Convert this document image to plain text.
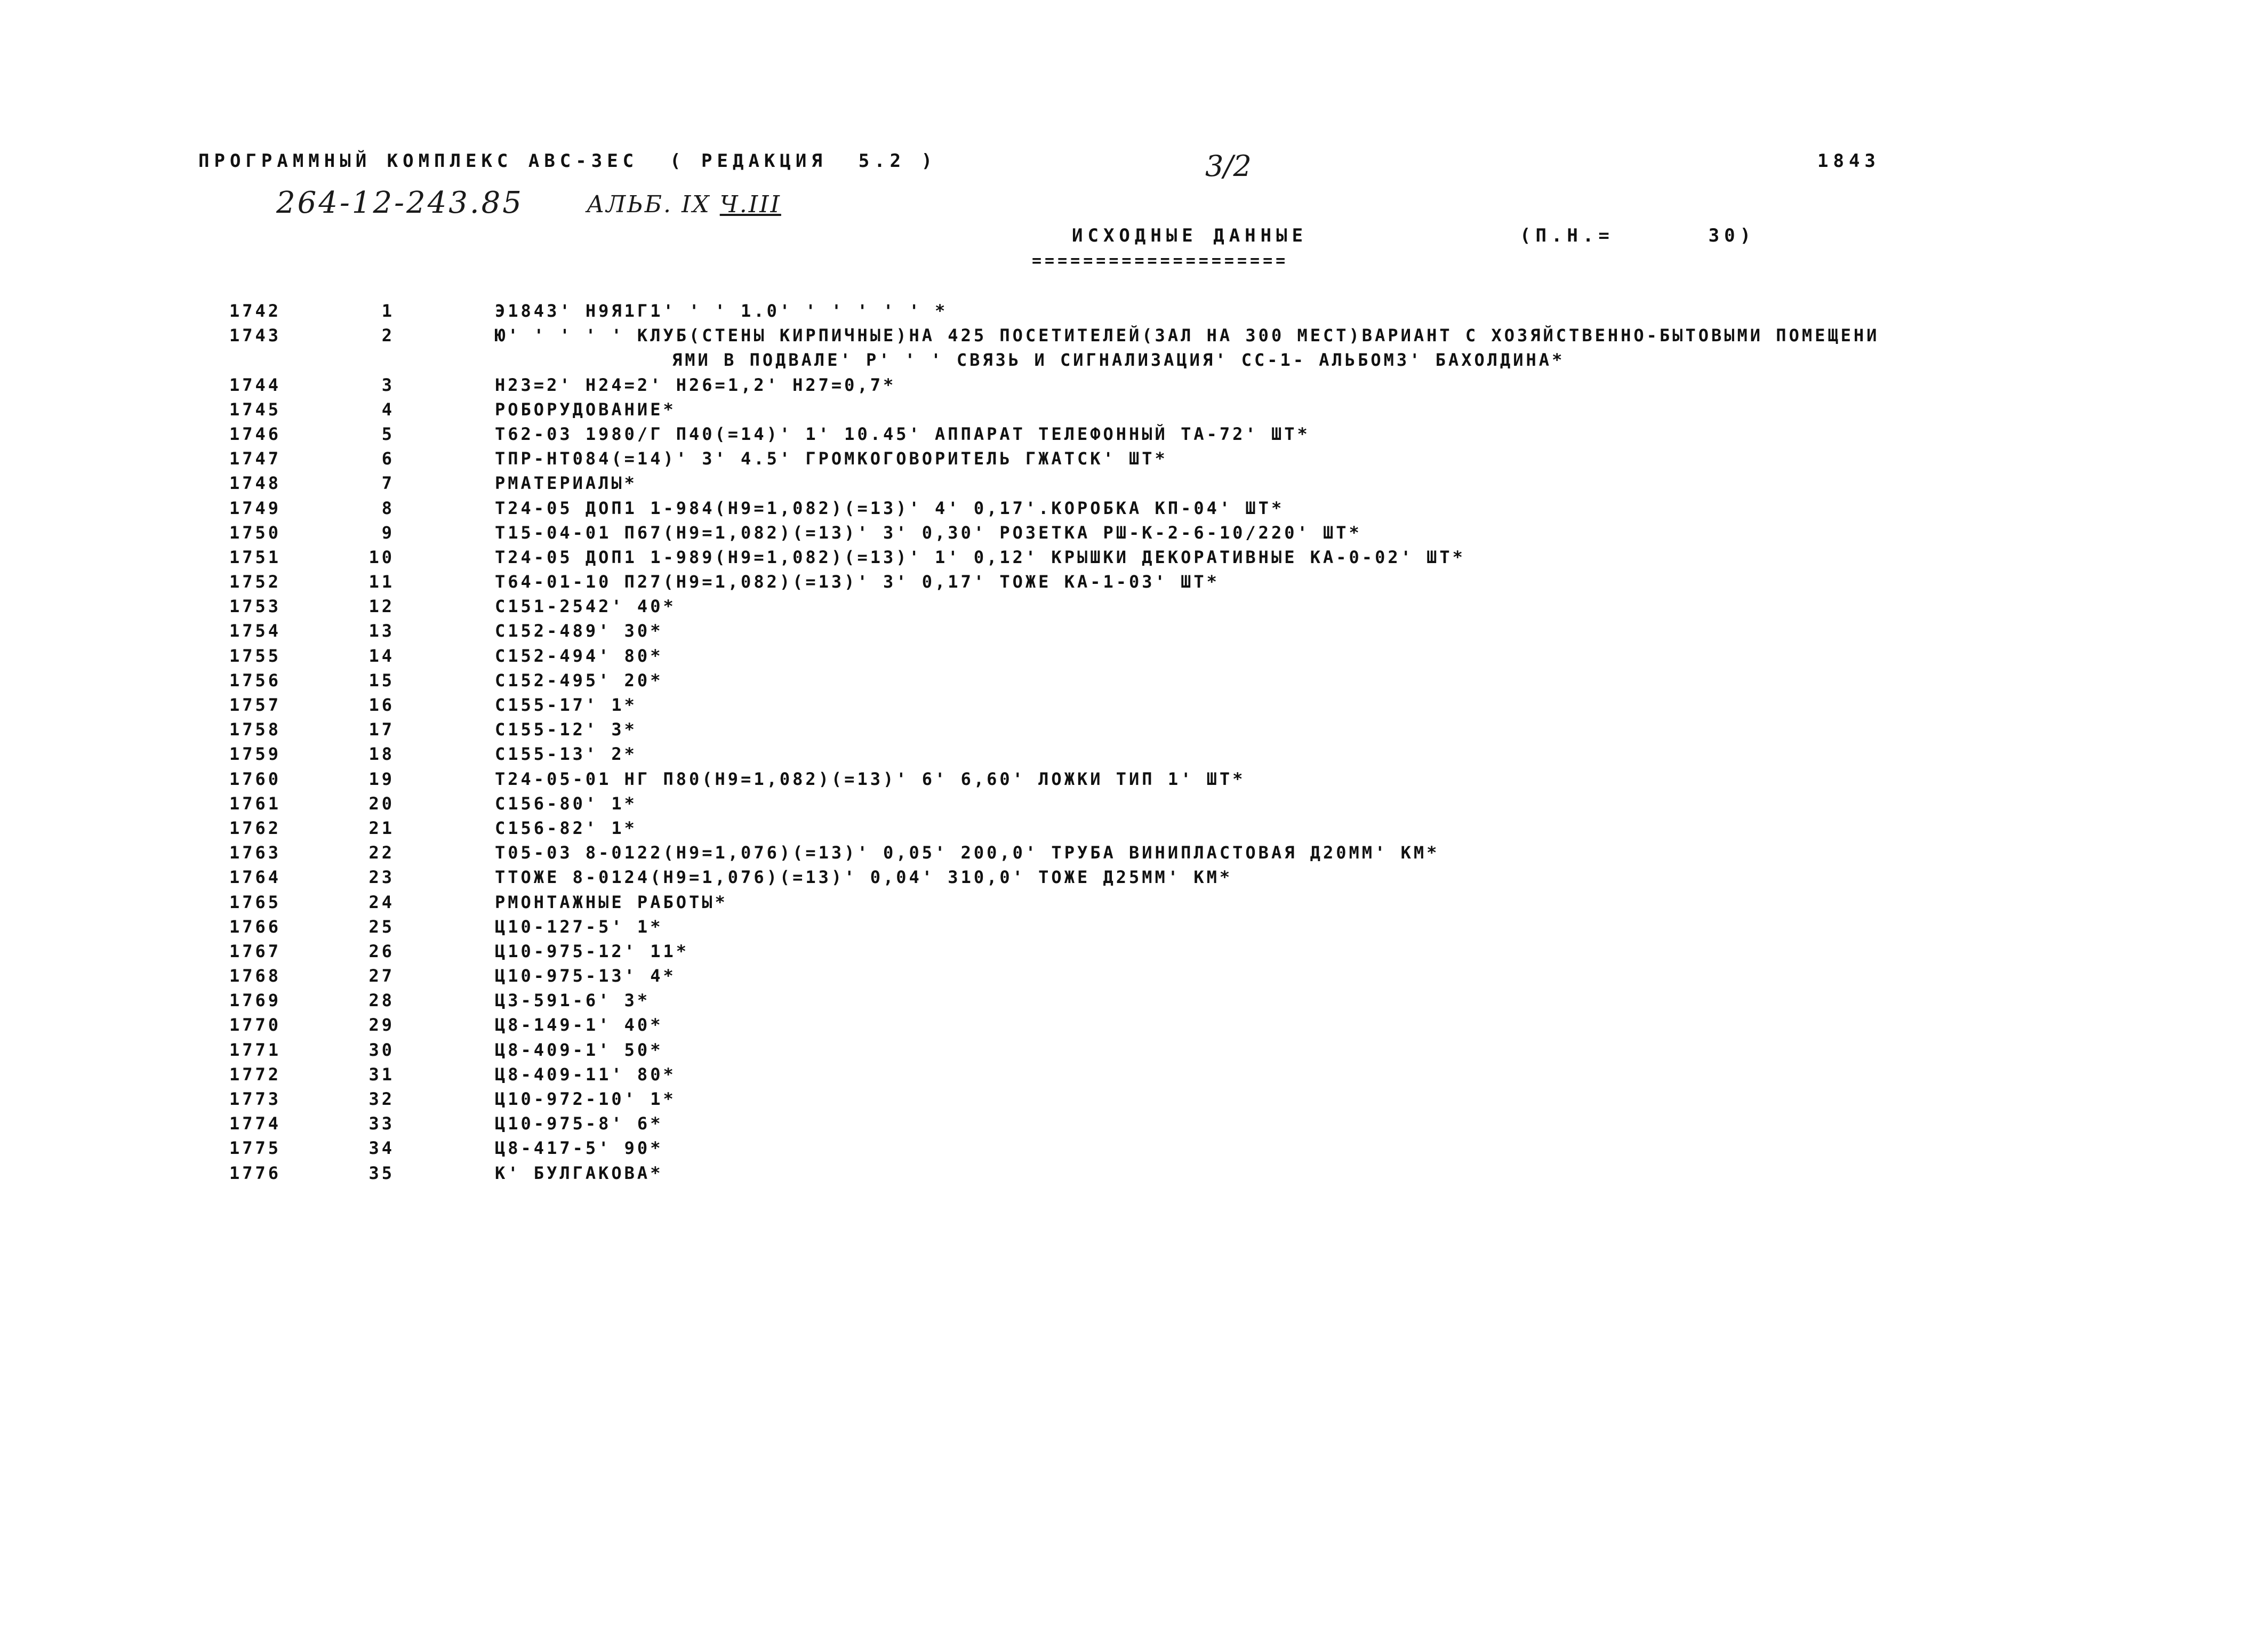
ПРОГРАММНЫЙ КОМПЛЕКС АВС-ЗЕС  ( РЕДАКЦИЯ  5.2 )	1843
264-12-243.85	АЛЬБ. IX Ч.III
3/2
ИСХОДНЫЕ ДАННЫЕ	(П.Н.=      30)
====================
1742	1	Э1843' Н9Я1Г1' ' ' 1.0' ' ' ' ' ' *
1743	2	Ю' ' ' ' ' КЛУБ(СТЕНЫ КИРПИЧНЫЕ)НА 425 ПОСЕТИТЕЛЕЙ(ЗАЛ НА 300 МЕСТ)ВАРИАНТ С ХОЗЯЙСТВЕННО-БЫТОВЫМИ ПОМЕЩЕНИ
ЯМИ В ПОДВАЛЕ' Р' ' ' СВЯЗЬ И СИГНАЛИЗАЦИЯ' СС-1- АЛЬБОМЗ' БАХОЛДИНА*
1744	3	Н23=2' Н24=2' Н26=1,2' Н27=0,7*
1745	4	РОБОРУДОВАНИЕ*
1746	5	Т62-03 1980/Г П40(=14)' 1' 10.45' АППАРАТ ТЕЛЕФОННЫЙ ТА-72' ШТ*
1747	6	ТПР-НТ084(=14)' 3' 4.5' ГРОМКОГОВОРИТЕЛЬ ГЖАТСК' ШТ*
1748	7	РМАТЕРИАЛЫ*
1749	8	Т24-05 ДОП1 1-984(Н9=1,082)(=13)' 4' 0,17'.КОРОБКА КП-04' ШТ*
1750	9	Т15-04-01 П67(Н9=1,082)(=13)' 3' 0,30' РОЗЕТКА РШ-К-2-6-10/220' ШТ*
1751	10	Т24-05 ДОП1 1-989(Н9=1,082)(=13)' 1' 0,12' КРЫШКИ ДЕКОРАТИВНЫЕ КА-0-02' ШТ*
1752	11	Т64-01-10 П27(Н9=1,082)(=13)' 3' 0,17' ТОЖЕ КА-1-03' ШТ*
1753	12	С151-2542' 40*
1754	13	С152-489' 30*
1755	14	С152-494' 80*
1756	15	С152-495' 20*
1757	16	С155-17' 1*
1758	17	С155-12' 3*
1759	18	С155-13' 2*
1760	19	Т24-05-01 НГ П80(Н9=1,082)(=13)' 6' 6,60' ЛОЖКИ ТИП 1' ШТ*
1761	20	С156-80' 1*
1762	21	С156-82' 1*
1763	22	Т05-03 8-0122(Н9=1,076)(=13)' 0,05' 200,0' ТРУБА ВИНИПЛАСТОВАЯ Д20ММ' КМ*
1764	23	ТТОЖЕ 8-0124(Н9=1,076)(=13)' 0,04' 310,0' ТОЖЕ Д25ММ' КМ*
1765	24	РМОНТАЖНЫЕ РАБОТЫ*
1766	25	Ц10-127-5' 1*
1767	26	Ц10-975-12' 11*
1768	27	Ц10-975-13' 4*
1769	28	Ц3-591-6' 3*
1770	29	Ц8-149-1' 40*
1771	30	Ц8-409-1' 50*
1772	31	Ц8-409-11' 80*
1773	32	Ц10-972-10' 1*
1774	33	Ц10-975-8' 6*
1775	34	Ц8-417-5' 90*
1776	35	К' БУЛГАКОВА*
